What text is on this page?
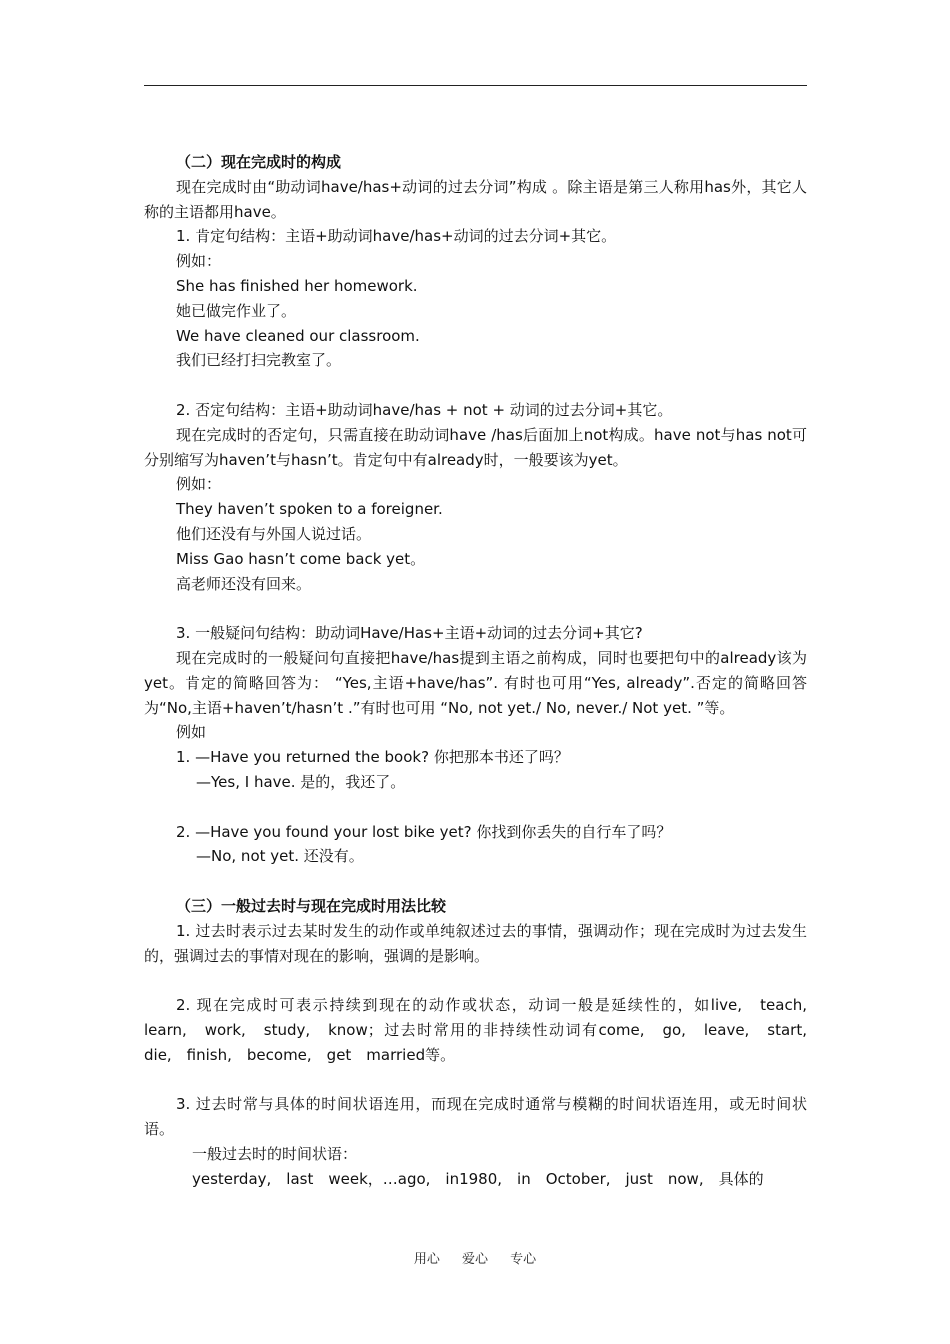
（二）现在完成时的构成

现在完成时由“助动词have/has+动词的过去分词”构成 。除主语是第三人称用has外，其它人称的主语都用have。

1. 肯定句结构：主语+助动词have/has+动词的过去分词+其它。

例如：

She has finished her homework.

她已做完作业了。

We have cleaned our classroom.

我们已经打扫完教室了。

2. 否定句结构：主语+助动词have/has + not + 动词的过去分词+其它。

现在完成时的否定句，只需直接在助动词have /has后面加上not构成。have not与has not可分别缩写为haven’t与hasn’t。肯定句中有already时，一般要该为yet。

例如：

They haven’t spoken to a foreigner.

他们还没有与外国人说过话。

Miss Gao hasn’t come back yet。

高老师还没有回来。

3. 一般疑问句结构：助动词Have/Has+主语+动词的过去分词+其它?

现在完成时的一般疑问句直接把have/has提到主语之前构成，同时也要把句中的already该为yet。肯定的简略回答为： “Yes,主语+have/has”. 有时也可用“Yes, already”.否定的简略回答为“No,主语+haven’t/hasn’t .”有时也可用 “No, not yet./ No, never./ Not yet. ”等。

例如

1. —Have you returned the book? 你把那本书还了吗？

—Yes, I have. 是的，我还了。

2. —Have you found your lost bike yet? 你找到你丢失的自行车了吗？

—No, not yet. 还没有。

（三）一般过去时与现在完成时用法比较

1. 过去时表示过去某时发生的动作或单纯叙述过去的事情，强调动作；现在完成时为过去发生的，强调过去的事情对现在的影响，强调的是影响。

2. 现在完成时可表示持续到现在的动作或状态，动词一般是延续性的，如live,　teach,　learn,　work,　study,　know；过去时常用的非持续性动词有come,　go,　leave,　start,　die,　finish,　become,　get　married等。

3. 过去时常与具体的时间状语连用，而现在完成时通常与模糊的时间状语连用，或无时间状语。

一般过去时的时间状语：

yesterday,　last　week，…ago,　in1980,　in　October,　just　now,　具体的

用心 爱心 专心
